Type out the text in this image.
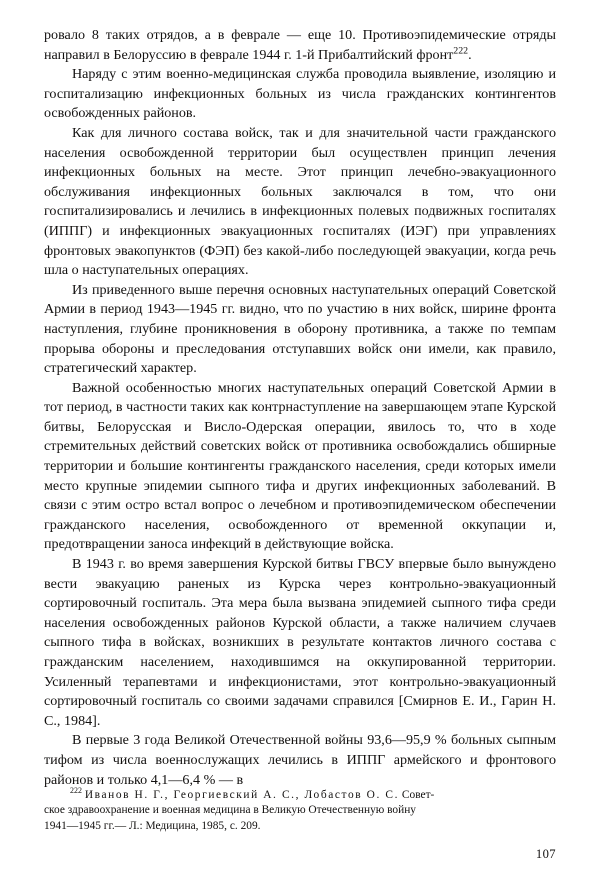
ровало 8 таких отрядов, а в феврале — еще 10. Противоэпидемические отряды направил в Белоруссию в феврале 1944 г. 1-й Прибалтийский фронт$^{222}$.

Наряду с этим военно-медицинская служба проводила выявление, изоляцию и госпитализацию инфекционных больных из числа гражданских контингентов освобожденных районов.

Как для личного состава войск, так и для значительной части гражданского населения освобожденной территории был осуществлен принцип лечения инфекционных больных на месте. Этот принцип лечебно-эвакуационного обслуживания инфекционных больных заключался в том, что они госпитализировались и лечились в инфекционных полевых подвижных госпиталях (ИППГ) и инфекционных эвакуационных госпиталях (ИЭГ) при управлениях фронтовых эвакопунктов (ФЭП) без какой-либо последующей эвакуации, когда речь шла о наступательных операциях.

Из приведенного выше перечня основных наступательных операций Советской Армии в период 1943—1945 гг. видно, что по участию в них войск, ширине фронта наступления, глубине проникновения в оборону противника, а также по темпам прорыва обороны и преследования отступавших войск они имели, как правило, стратегический характер.

Важной особенностью многих наступательных операций Советской Армии в тот период, в частности таких как контрнаступление на завершающем этапе Курской битвы, Белорусская и Висло-Одерская операции, явилось то, что в ходе стремительных действий советских войск от противника освобождались обширные территории и большие контингенты гражданского населения, среди которых имели место крупные эпидемии сыпного тифа и других инфекционных заболеваний. В связи с этим остро встал вопрос о лечебном и противоэпидемическом обеспечении гражданского населения, освобожденного от временной оккупации и, предотвращении заноса инфекций в действующие войска.

В 1943 г. во время завершения Курской битвы ГВСУ впервые было вынуждено вести эвакуацию раненых из Курска через контрольно-эвакуационный сортировочный госпиталь. Эта мера была вызвана эпидемией сыпного тифа среди населения освобожденных районов Курской области, а также наличием случаев сыпного тифа в войсках, возникших в результате контактов личного состава с гражданским населением, находившимся на оккупированной территории. Усиленный терапевтами и инфекционистами, этот контрольно-эвакуационный сортировочный госпиталь со своими задачами справился [Смирнов Е. И., Гарин Н. С., 1984].

В первые 3 года Великой Отечественной войны 93,6—95,9 % больных сыпным тифом из числа военнослужащих лечились в ИППГ армейского и фронтового районов и только 4,1—6,4 % — в

$^{222}$ Иванов Н. Г., Георгиевский А. С., Лобастов О. С. Совет-

ское здравоохранение и военная медицина в Великую Отечественную войну

1941—1945 гг.— Л.: Медицина, 1985, с. 209.

107
